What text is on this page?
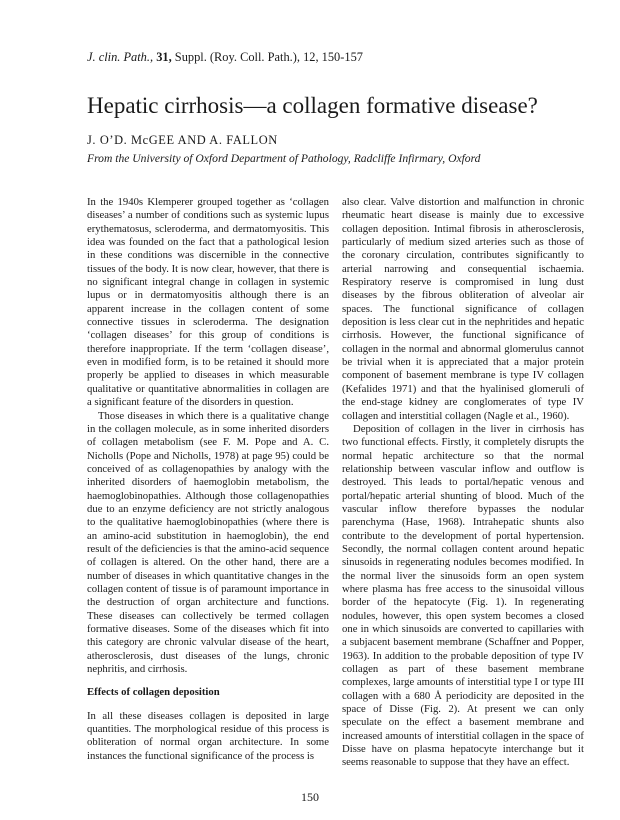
J. clin. Path., 31, Suppl. (Roy. Coll. Path.), 12, 150-157
Hepatic cirrhosis—a collagen formative disease?
J. O’D. McGEE AND A. FALLON
From the University of Oxford Department of Pathology, Radcliffe Infirmary, Oxford

In the 1940s Klemperer grouped together as ‘collagen diseases’ a number of conditions such as systemic lupus erythematosus, scleroderma, and dermatomyositis. This idea was founded on the fact that a pathological lesion in these conditions was discernible in the connective tissues of the body. It is now clear, however, that there is no significant integral change in collagen in systemic lupus or in dermatomyositis although there is an apparent increase in the collagen content of some connective tissues in scleroderma. The designation ‘collagen diseases’ for this group of conditions is therefore inappropriate. If the term ‘collagen disease’, even in modified form, is to be retained it should more properly be applied to diseases in which measurable qualitative or quantitative abnormalities in collagen are a significant feature of the disorders in question.

Those diseases in which there is a qualitative change in the collagen molecule, as in some inherited disorders of collagen metabolism (see F. M. Pope and A. C. Nicholls (Pope and Nicholls, 1978) at page 95) could be conceived of as collagenopathies by analogy with the inherited disorders of haemoglobin metabolism, the haemoglobinopathies. Although those collagenopathies due to an enzyme deficiency are not strictly analogous to the qualitative haemoglobinopathies (where there is an amino-acid substitution in haemoglobin), the end result of the deficiencies is that the amino-acid sequence of collagen is altered. On the other hand, there are a number of diseases in which quantitative changes in the collagen content of tissue is of paramount importance in the destruction of organ architecture and functions. These diseases can collectively be termed collagen formative diseases. Some of the diseases which fit into this category are chronic valvular disease of the heart, atherosclerosis, dust diseases of the lungs, chronic nephritis, and cirrhosis.

Effects of collagen deposition

In all these diseases collagen is deposited in large quantities. The morphological residue of this process is obliteration of normal organ architecture. In some instances the functional significance of the process is

also clear. Valve distortion and malfunction in chronic rheumatic heart disease is mainly due to excessive collagen deposition. Intimal fibrosis in atherosclerosis, particularly of medium sized arteries such as those of the coronary circulation, contributes significantly to arterial narrowing and consequential ischaemia. Respiratory reserve is compromised in lung dust diseases by the fibrous obliteration of alveolar air spaces. The functional significance of collagen deposition is less clear cut in the nephritides and hepatic cirrhosis. However, the functional significance of collagen in the normal and abnormal glomerulus cannot be trivial when it is appreciated that a major protein component of basement membrane is type IV collagen (Kefalides 1971) and that the hyalinised glomeruli of the end-stage kidney are conglomerates of type IV collagen and interstitial collagen (Nagle et al., 1960).

Deposition of collagen in the liver in cirrhosis has two functional effects. Firstly, it completely disrupts the normal hepatic architecture so that the normal relationship between vascular inflow and outflow is destroyed. This leads to portal/hepatic venous and portal/hepatic arterial shunting of blood. Much of the vascular inflow therefore bypasses the nodular parenchyma (Hase, 1968). Intrahepatic shunts also contribute to the development of portal hypertension. Secondly, the normal collagen content around hepatic sinusoids in regenerating nodules becomes modified. In the normal liver the sinusoids form an open system where plasma has free access to the sinusoidal villous border of the hepatocyte (Fig. 1). In regenerating nodules, however, this open system becomes a closed one in which sinusoids are converted to capillaries with a subjacent basement membrane (Schaffner and Popper, 1963). In addition to the probable deposition of type IV collagen as part of these basement membrane complexes, large amounts of interstitial type I or type III collagen with a 680 Å periodicity are deposited in the space of Disse (Fig. 2). At present we can only speculate on the effect a basement membrane and increased amounts of interstitial collagen in the space of Disse have on plasma hepatocyte interchange but it seems reasonable to suppose that they have an effect.

150
